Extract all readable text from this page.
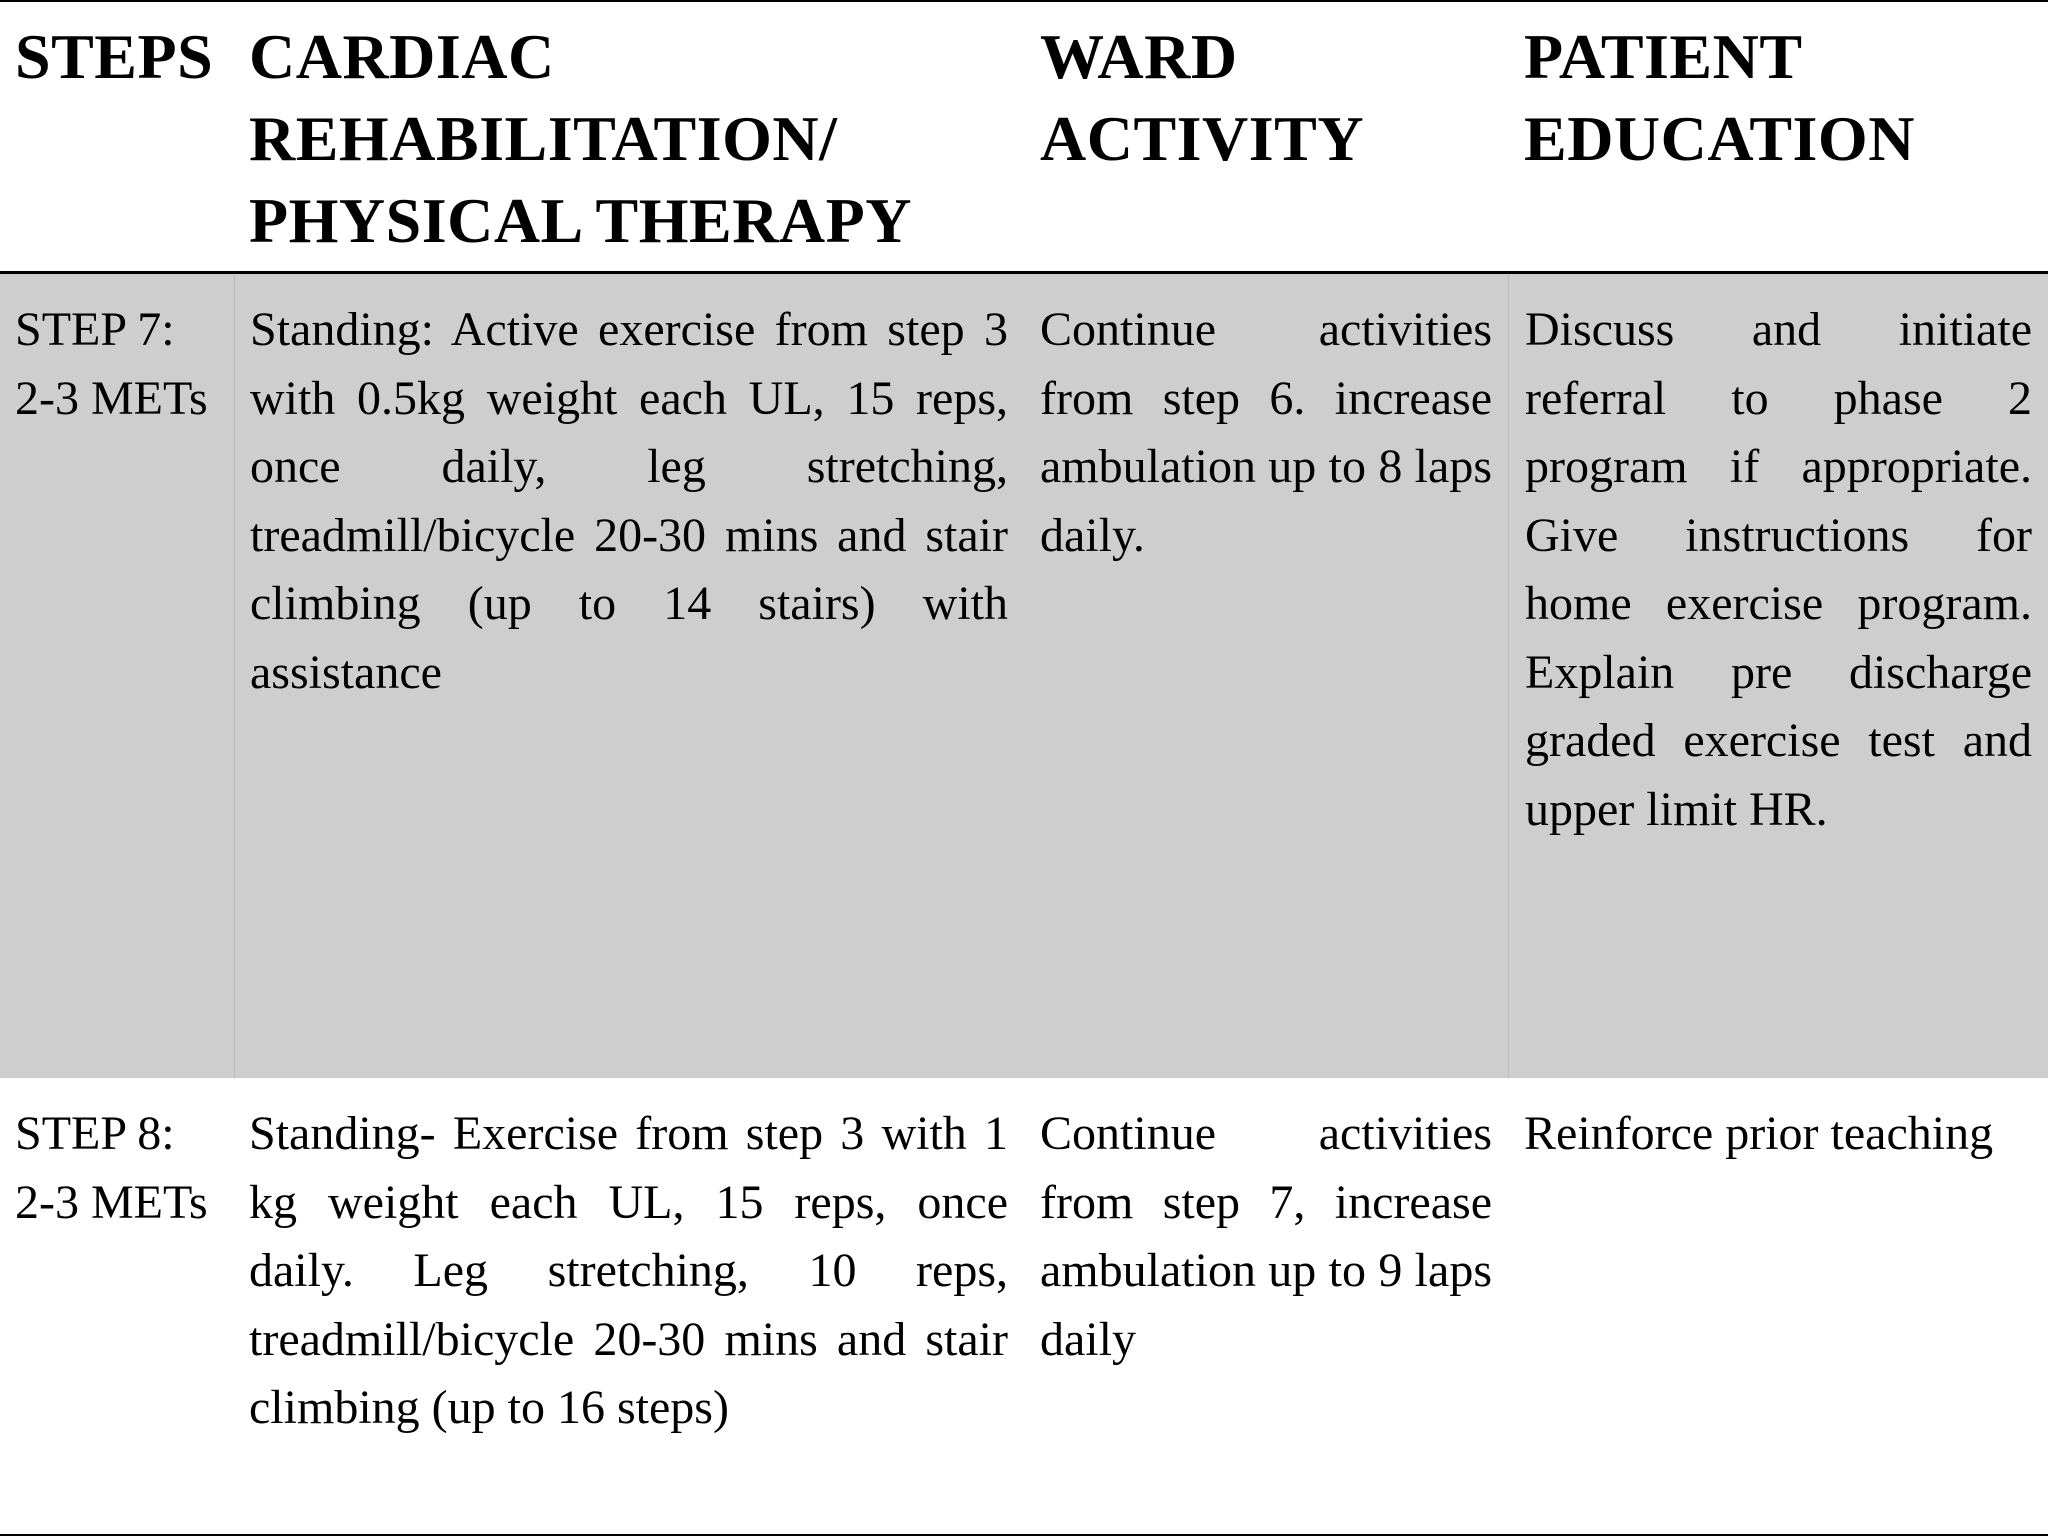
STEPS CARDIAC REHABILITATION/ PHYSICAL THERAPY
WARD ACTIVITY
PATIENT EDUCATION
STEP 7: 2-3 METs
Standing: Active exercise from step 3 with 0.5kg weight each UL, 15 reps, once daily, leg stretching, treadmill/bicycle 20-30 mins and stair climbing (up to 14 stairs) with assistance
Continue activities from step 6. increase ambulation up to 8 laps daily.
Discuss and initiate referral to phase 2 program if appropriate. Give instructions for home exercise program. Explain pre discharge graded exercise test and upper limit HR.
STEP 8: 2-3 METs
Standing- Exercise from step 3 with 1 kg weight each UL, 15 reps, once daily. Leg stretching, 10 reps, treadmill/bicycle 20-30 mins and stair climbing (up to 16 steps)
Continue activities from step 7, increase ambulation up to 9 laps daily
Reinforce prior teaching
